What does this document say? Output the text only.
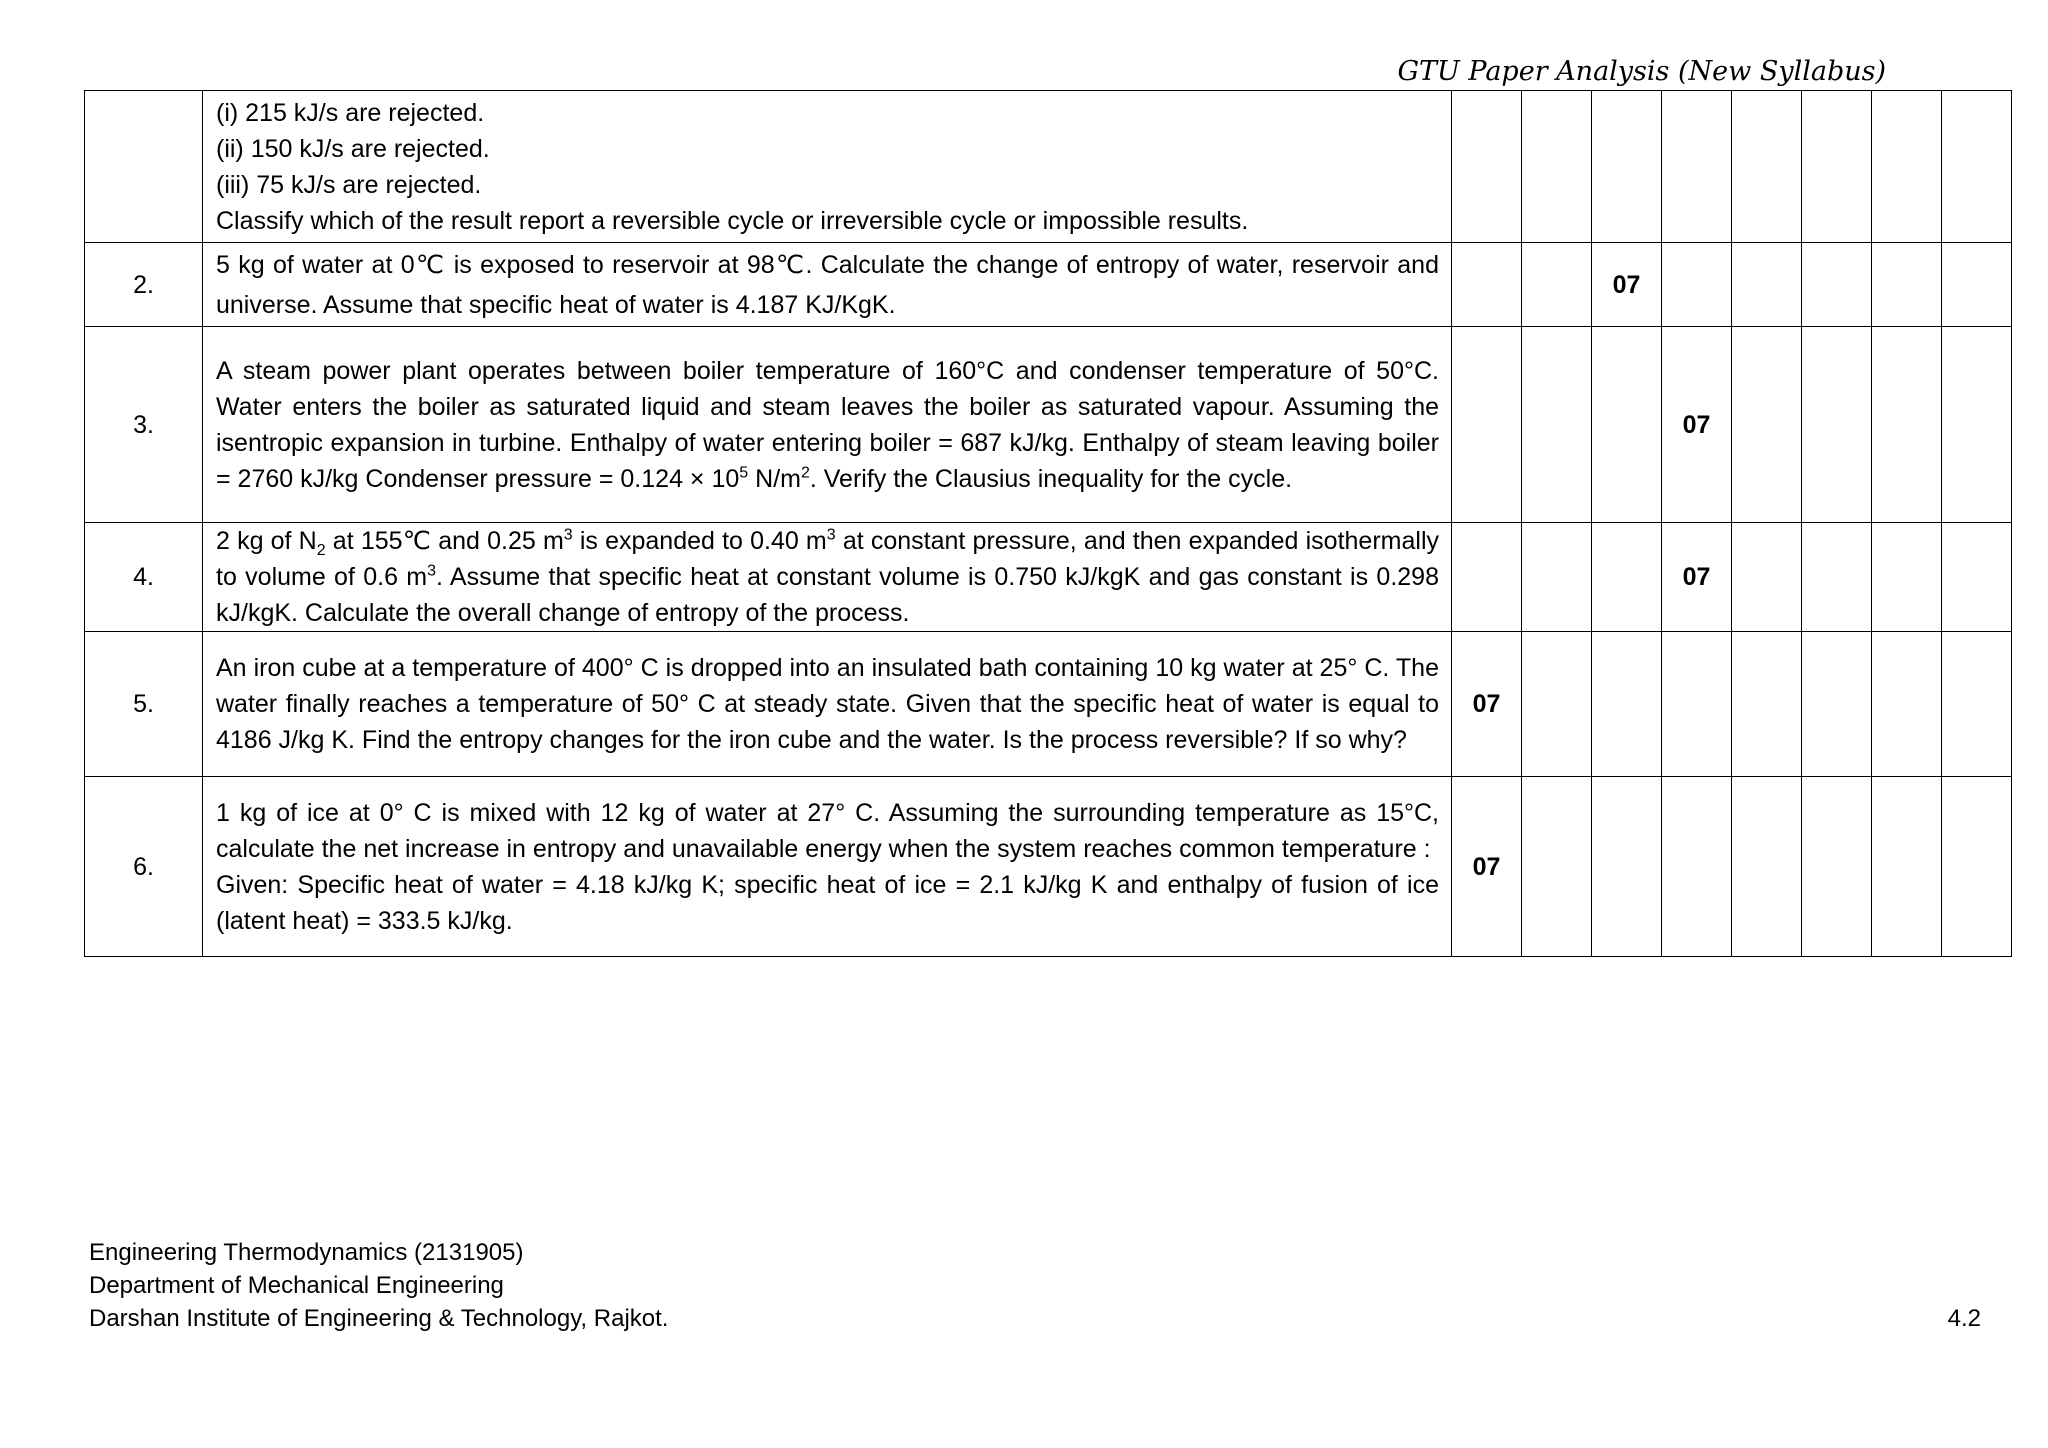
GTU Paper Analysis (New Syllabus)

	(i) 215 kJ/s are rejected.
(ii) 150 kJ/s are rejected.
(iii) 75 kJ/s are rejected.
Classify which of the result report a reversible cycle or irreversible cycle or impossible results.								

2.	5 kg of water at 0℃ is exposed to reservoir at 98℃. Calculate the change of entropy of water, reservoir and universe. Assume that specific heat of water is 4.187 KJ/KgK.			07					
3.	A steam power plant operates between boiler temperature of 160°C and condenser temperature of 50°C. Water enters the boiler as saturated liquid and steam leaves the boiler as saturated vapour. Assuming the isentropic expansion in turbine. Enthalpy of water entering boiler = 687 kJ/kg. Enthalpy of steam leaving boiler = 2760 kJ/kg Condenser pressure = $0.124 \times 10^5$ $N/m^2$. Verify the Clausius inequality for the cycle.				07				
4.	2 kg of $N_2$ at 155℃ and 0.25 $m^3$ is expanded to 0.40 $m^3$ at constant pressure, and then expanded isothermally to volume of 0.6 $m^3$. Assume that specific heat at constant volume is 0.750 kJ/kgK and gas constant is 0.298 kJ/kgK. Calculate the overall change of entropy of the process.				07				
5.	An iron cube at a temperature of 400° C is dropped into an insulated bath containing 10 kg water at 25° C. The water finally reaches a temperature of 50° C at steady state. Given that the specific heat of water is equal to 4186 J/kg K. Find the entropy changes for the iron cube and the water. Is the process reversible? If so why?	07							
6.	1 kg of ice at 0° C is mixed with 12 kg of water at 27° C. Assuming the surrounding temperature as 15°C, calculate the net increase in entropy and unavailable energy when the system reaches common temperature :
Given: Specific heat of water = 4.18 kJ/kg K; specific heat of ice = 2.1 kJ/kg K and enthalpy of fusion of ice (latent heat) = 333.5 kJ/kg.	07							
Engineering Thermodynamics (2131905)
Department of Mechanical Engineering
Darshan Institute of Engineering & Technology, Rajkot.	4.2
